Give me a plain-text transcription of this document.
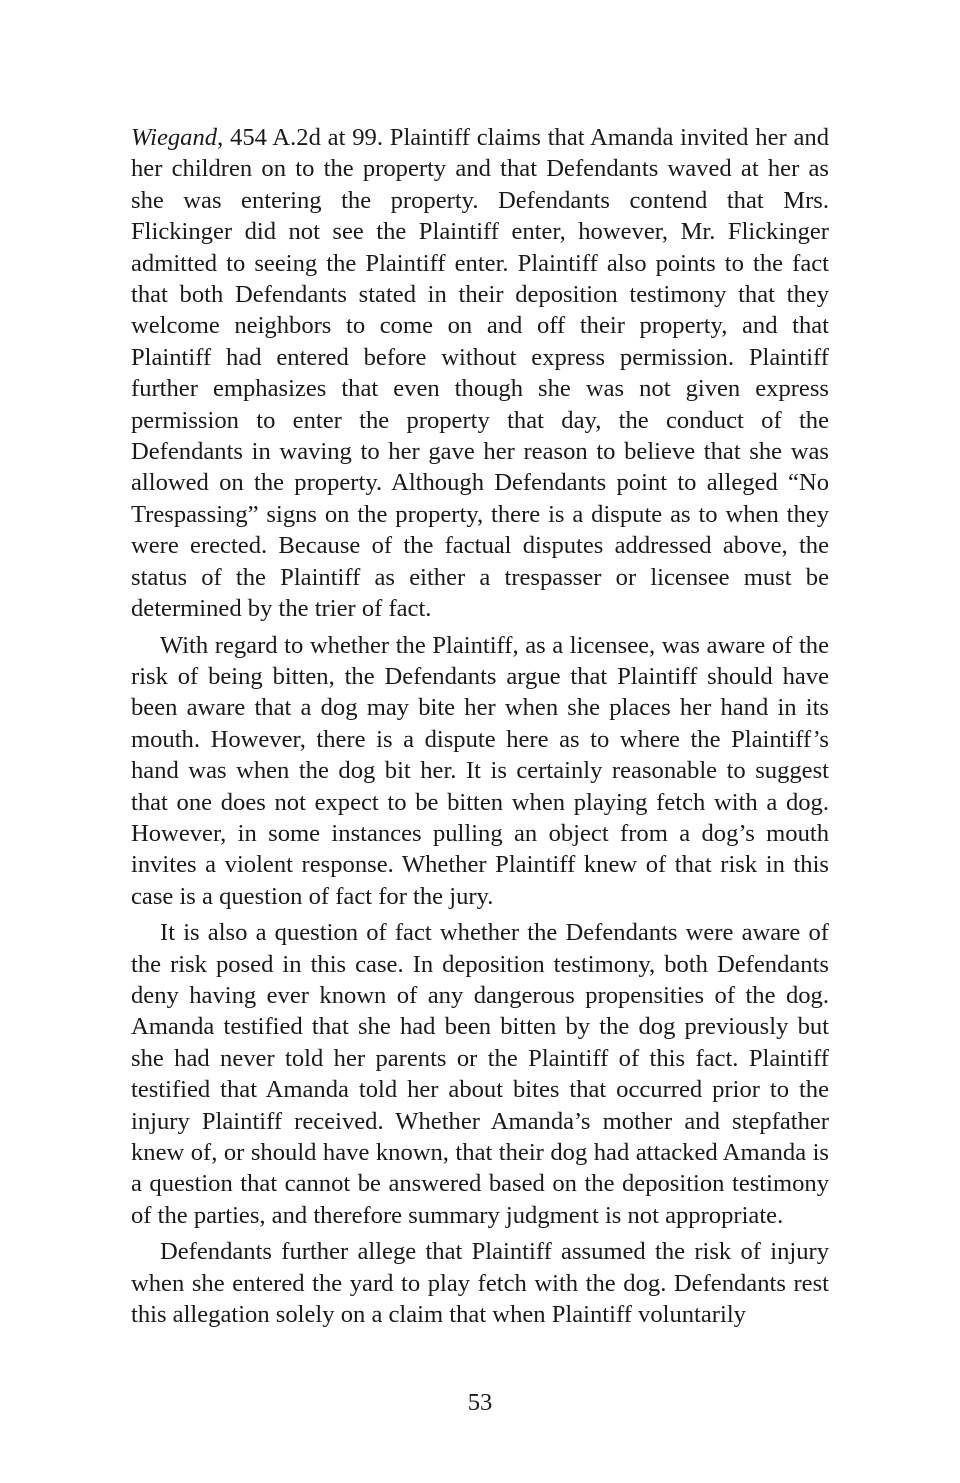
Wiegand, 454 A.2d at 99. Plaintiff claims that Amanda invited her and her children on to the property and that Defendants waved at her as she was entering the property. Defendants contend that Mrs. Flickinger did not see the Plaintiff enter, however, Mr. Flickinger admitted to seeing the Plaintiff enter. Plaintiff also points to the fact that both Defendants stated in their deposition testimony that they welcome neighbors to come on and off their property, and that Plaintiff had entered before without express permission. Plaintiff further emphasizes that even though she was not given express permission to enter the property that day, the conduct of the Defendants in waving to her gave her reason to believe that she was allowed on the property. Although Defendants point to alleged “No Trespassing” signs on the property, there is a dispute as to when they were erected. Because of the factual disputes addressed above, the status of the Plaintiff as either a trespasser or licensee must be determined by the trier of fact.

With regard to whether the Plaintiff, as a licensee, was aware of the risk of being bitten, the Defendants argue that Plaintiff should have been aware that a dog may bite her when she places her hand in its mouth. However, there is a dispute here as to where the Plaintiff’s hand was when the dog bit her. It is certainly reasonable to suggest that one does not expect to be bitten when playing fetch with a dog. However, in some instances pulling an object from a dog’s mouth invites a violent response. Whether Plaintiff knew of that risk in this case is a question of fact for the jury.

It is also a question of fact whether the Defendants were aware of the risk posed in this case. In deposition testimony, both Defendants deny having ever known of any dangerous propensities of the dog. Amanda testified that she had been bitten by the dog previously but she had never told her parents or the Plaintiff of this fact. Plaintiff testified that Amanda told her about bites that occurred prior to the injury Plaintiff received. Whether Amanda’s mother and stepfather knew of, or should have known, that their dog had attacked Amanda is a question that cannot be answered based on the deposition testimony of the parties, and therefore summary judgment is not appropriate.

Defendants further allege that Plaintiff assumed the risk of injury when she entered the yard to play fetch with the dog. Defendants rest this allegation solely on a claim that when Plaintiff voluntarily

53
